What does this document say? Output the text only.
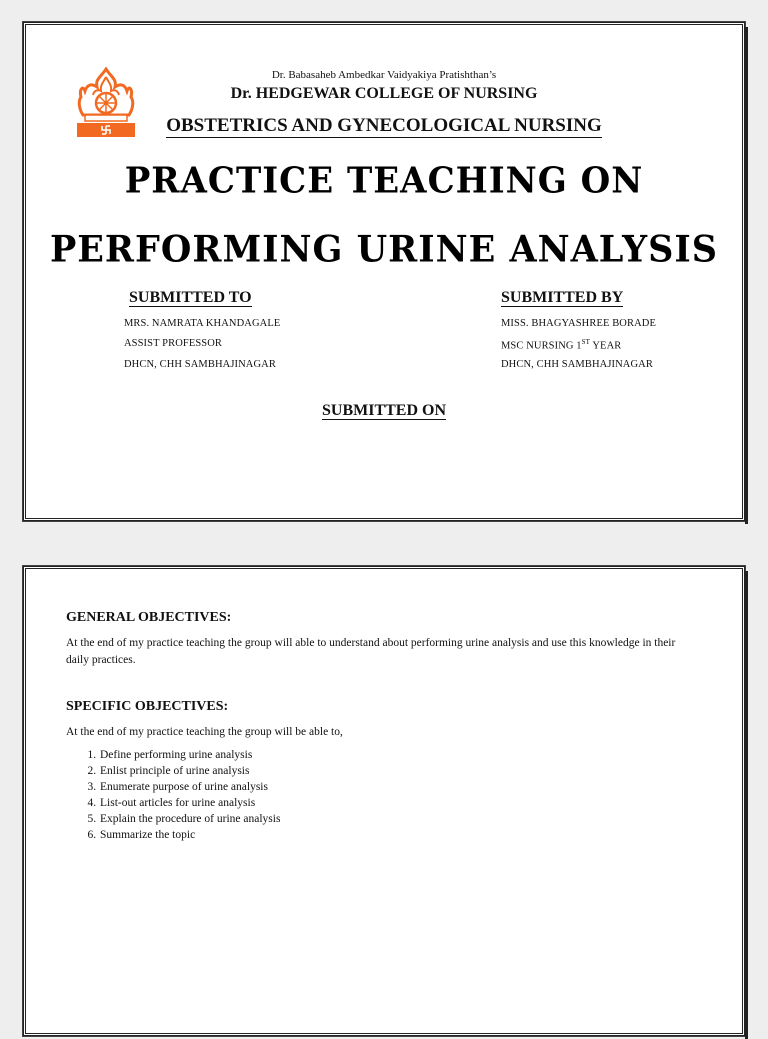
Dr. Babasaheb Ambedkar Vaidyakiya Pratishthan’s
Dr. HEDGEWAR COLLEGE OF NURSING
OBSTETRICS AND GYNECOLOGICAL NURSING
PRACTICE TEACHING ON
PERFORMING URINE ANALYSIS
SUBMITTED TO
MRS. NAMRATA KHANDAGALE
ASSIST PROFESSOR
DHCN, CHH SAMBHAJINAGAR
SUBMITTED BY
MISS. BHAGYASHREE BORADE
MSC NURSING 1ST YEAR
DHCN, CHH SAMBHAJINAGAR
SUBMITTED ON
GENERAL OBJECTIVES:
At the end of my practice teaching the group will able to understand about performing urine analysis and use this knowledge in their daily practices.
SPECIFIC OBJECTIVES:
At the end of my practice teaching the group will be able to,
1. Define performing urine analysis
2. Enlist principle of urine analysis
3. Enumerate purpose of urine analysis
4. List-out articles for urine analysis
5. Explain the procedure of urine analysis
6. Summarize the topic
